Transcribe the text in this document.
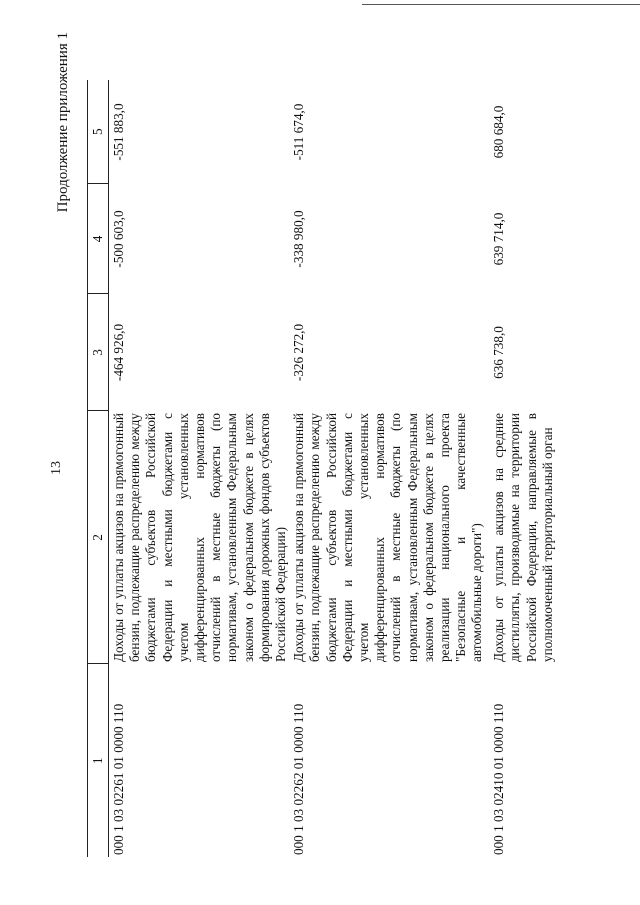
13
Продолжение приложения 1
1	2	3	4	5
000 1 03 02261 01 0000 110	Доходы от уплаты акцизов на прямогонный бензин, подлежащие распределению между бюджетами субъектов Российской Федерации и местными бюджетами с учетом установленных дифференцированных нормативов отчислений в местные бюджеты (по нормативам, установленным Федеральным законом о федеральном бюджете в целях формирования дорожных фондов субъектов Российской Федерации)	-464 926,0	-500 603,0	-551 883,0
000 1 03 02262 01 0000 110	Доходы от уплаты акцизов на прямогонный бензин, подлежащие распределению между бюджетами субъектов Российской Федерации и местными бюджетами с учетом установленных дифференцированных нормативов отчислений в местные бюджеты (по нормативам, установленным Федеральным законом о федеральном бюджете в целях реализации национального проекта "Безопасные и качественные автомобильные дороги")	-326 272,0	-338 980,0	-511 674,0
000 1 03 02410 01 0000 110	Доходы от уплаты акцизов на средние дистилляты, производимые на территории Российской Федерации, направляемые в уполномоченный территориальный орган	636 738,0	639 714,0	680 684,0
